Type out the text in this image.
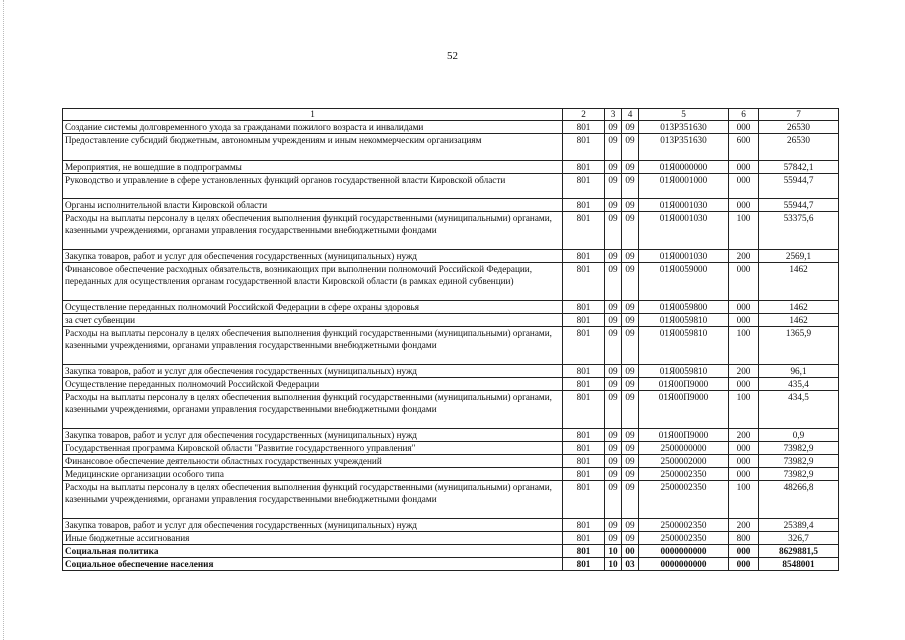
52
1	2	3	4	5	6	7
Создание системы долговременного ухода за гражданами пожилого возраста и инвалидами	801	09	09	013P351630	000	26530
Предоставление субсидий бюджетным, автономным учреждениям и иным некоммерческим организациям	801	09	09	013P351630	600	26530
Мероприятия, не вошедшие в подпрограммы	801	09	09	01Я0000000	000	57842,1
Руководство и управление в сфере установленных функций органов государственной власти Кировской области	801	09	09	01Я0001000	000	55944,7
Органы исполнительной власти Кировской области	801	09	09	01Я0001030	000	55944,7
Расходы на выплаты персоналу в целях обеспечения выполнения функций государственными (муниципальными) органами, казенными учреждениями, органами управления государственными внебюджетными фондами	801	09	09	01Я0001030	100	53375,6
Закупка товаров, работ и услуг для обеспечения государственных (муниципальных) нужд	801	09	09	01Я0001030	200	2569,1
Финансовое обеспечение расходных обязательств, возникающих при выполнении полномочий Российской Федерации, переданных для осуществления органам государственной власти Кировской области (в рамках единой субвенции)	801	09	09	01Я0059000	000	1462
Осуществление переданных полномочий Российской Федерации в сфере охраны здоровья	801	09	09	01Я0059800	000	1462
за счет субвенции	801	09	09	01Я0059810	000	1462
Расходы на выплаты персоналу в целях обеспечения выполнения функций государственными (муниципальными) органами, казенными учреждениями, органами управления государственными внебюджетными фондами	801	09	09	01Я0059810	100	1365,9
Закупка товаров, работ и услуг для обеспечения государственных (муниципальных) нужд	801	09	09	01Я0059810	200	96,1
Осуществление переданных полномочий Российской Федерации	801	09	09	01Я00П9000	000	435,4
Расходы на выплаты персоналу в целях обеспечения выполнения функций государственными (муниципальными) органами, казенными учреждениями, органами управления государственными внебюджетными фондами	801	09	09	01Я00П9000	100	434,5
Закупка товаров, работ и услуг для обеспечения государственных (муниципальных) нужд	801	09	09	01Я00П9000	200	0,9
Государственная программа Кировской области "Развитие государственного управления"	801	09	09	2500000000	000	73982,9
Финансовое обеспечение деятельности областных государственных учреждений	801	09	09	2500002000	000	73982,9
Медицинские организации особого типа	801	09	09	2500002350	000	73982,9
Расходы на выплаты персоналу в целях обеспечения выполнения функций государственными (муниципальными) органами, казенными учреждениями, органами управления государственными внебюджетными фондами	801	09	09	2500002350	100	48266,8
Закупка товаров, работ и услуг для обеспечения государственных (муниципальных) нужд	801	09	09	2500002350	200	25389,4
Иные бюджетные ассигнования	801	09	09	2500002350	800	326,7
Социальная политика	801	10	00	0000000000	000	8629881,5
Социальное обеспечение населения	801	10	03	0000000000	000	8548001
